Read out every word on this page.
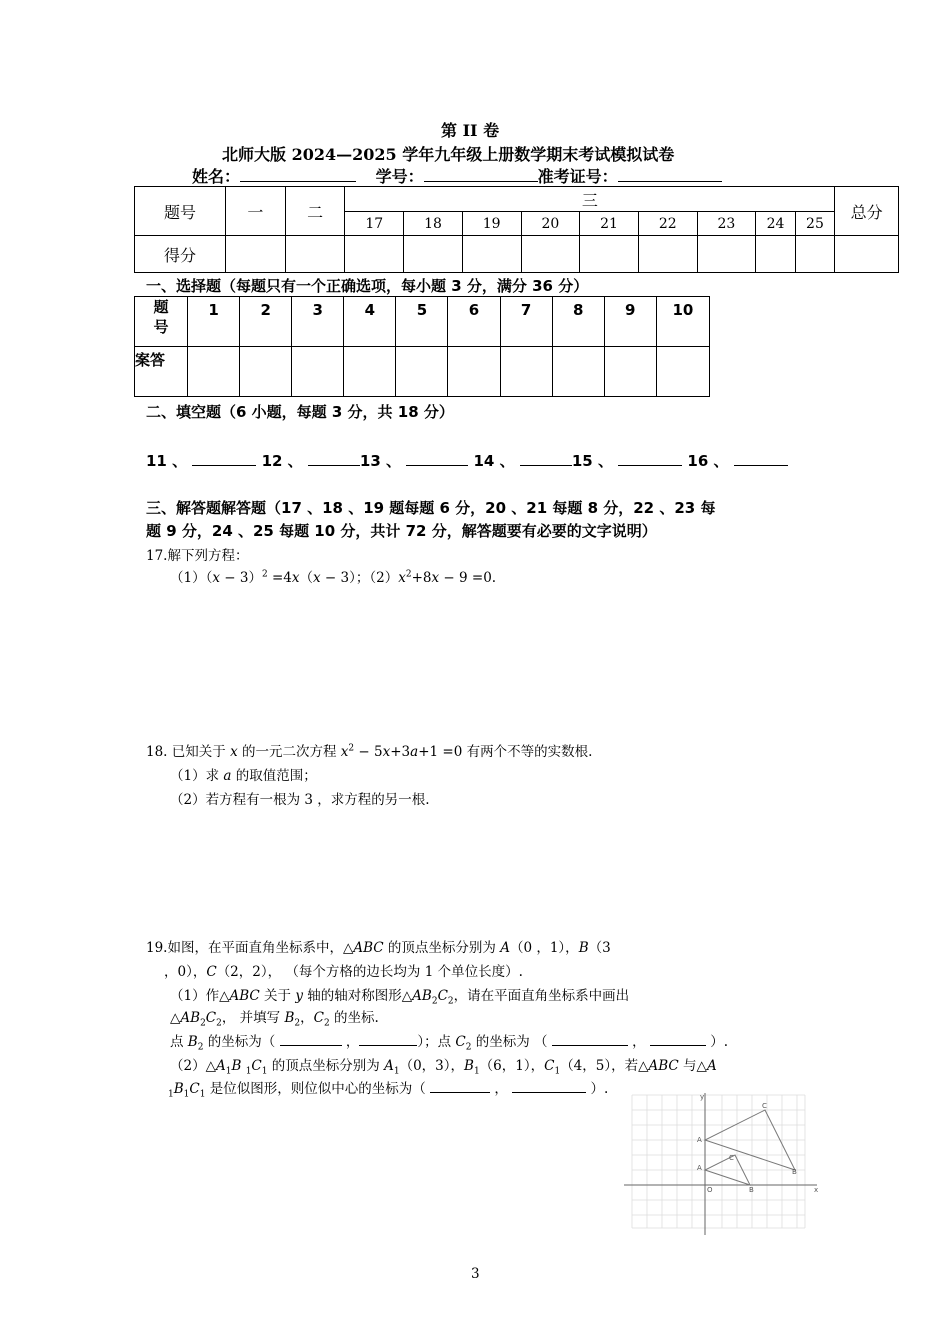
第 II 卷
北师大版 2024—2025 学年九年级上册数学期末考试模拟试卷
姓名：	学号：	准考证号：
题号	一	二	三									总分
			17	18	19	20	21	22	23	24	25	
得分												
一、选择题（每题只有一个正确选项，每小题 3 分，满分 36 分）
题
号	1	2	3	4	5	6	7	8	9	10
案答										
二、填空题（6 小题，每题 3 分，共 18 分）
11 、	12 、	13 、	14 、	15 、	16 、
三、解答题解答题（17 、18 、19 题每题 6 分，20 、21 每题 8 分，22 、23 每
题 9 分，24 、25 每题 10 分，共计 72 分，解答题要有必要的文字说明）
17.解下列方程：
$(1)(x - 3)^2 =4x(x - 3)$；$(2)x^2+8x - 9 =0$.
18. 已知关于 x 的一元二次方程 $x^2 - 5x+3a+1 =0$ 有两个不等的实数根.
（1）求 a 的取值范围；
（2）若方程有一根为 3 ，求方程的另一根.
19.如图，在平面直角坐标系中，△ABC 的顶点坐标分别为 A（0 ，1），B（3
，0），C（2，2）， （每个方格的边长均为 1 个单位长度）.
（1）作△ABC 关于 y 轴的轴对称图形$\triangle AB_2C_2$，请在平面直角坐标系中画出
$\triangle AB_2C_2$， 并填写 $B_2$，$C_2$ 的坐标.
点 $B_2$ 的坐标为（	，	）；点 $C_2$ 的坐标为 （	，	）.
$(2)\triangle A_1B$ $_1C_1$ 的顶点坐标分别为 $A_1(0$，3），$B_1(6$，1），$C_1(4$，5），若△ABC 与△A
$_1B_1C_1$ 是位似图形，则位似中心的坐标为（	，	）.
A
A
C
C
B
B
O	x
y
3
